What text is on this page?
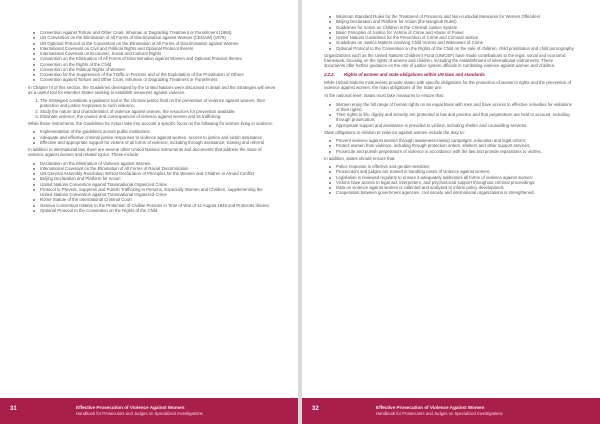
Convention Against Torture and Other Cruel, Inhuman or Degrading Treatment or Punishment (1984)
UN Convention on the Elimination of All Forms of Discrimination against Women (CEDAW) (1979)
UN Optional Protocol to the Convention on the Elimination of All Forms of Discrimination against Women
International Covenant on Civil and Political Rights and Optional Protocol thereto
International Covenant on Economic, Social and Cultural Rights
Convention on the Elimination of All Forms of Discrimination against Women and Optional Protocol thereto
Convention on the Rights of the Child
Convention on the Political Rights of Women
Convention for the Suppression of the Traffic in Persons and of the Exploitation of the Prostitution of Others
Convention against Torture and Other Cruel, Inhuman or Degrading Treatment or Punishment

In Chapter III of this section, the Guidelines developed by the United Nations were discussed in detail and the Strategies will serve as a useful tool for Member States seeking to establish measures against violence.

1. The Strategies constitute a guidance tool in the criminal justice field on the prevention of violence against women, their protection and justice responses to such violence;
2. Study the nature and characteristics of violence against women, the resources for prevention available;
3. Eliminate violence, the causes and consequences of violence against women and its trafficking.

While these instruments, the Guidelines for Action take into account a specific focus on the following for women living in violence:

Implementation of the guidelines across public institutions
Adequate and effective criminal justice responses to violence against women, access to justice and victim assistance
Effective and appropriate support for victims of all forms of violence, including through assistance, training and referral

In addition to international law, there are several other United Nations instruments and documents that address the issue of violence against women and related topics. These include:

Declaration on the Elimination of Violence against Women
International Covenant on the Elimination of All Forms of Racial Discrimination
UN General Assembly Resolution 48/104 Declaration of Principles for the Women and Children in Armed Conflict
Beijing Declaration and Platform for Action
United Nations Convention against Transnational Organized Crime
Protocol to Prevent, Suppress and Punish Trafficking in Persons, Especially Women and Children, supplementing the United Nations Convention against Transnational Organized Crime
Rome Statute of the International Criminal Court
Geneva Convention relative to the Protection of Civilian Persons in Time of War of 12 August 1949 and Protocols thereto
Optional Protocol to the Convention on the Rights of the Child
31	Effective Prosecution of Violence Against Women
Handbook for Prosecutors and Judges on Specialized Investigations
Minimum Standard Rules for the Treatment of Prisoners and Non-custodial Measures for Women Offenders
Beijing Declaration and Platform for Action (the Bangkok Rules)
Guidelines for Action on Children in the Criminal Justice System
Basic Principles of Justice for Victims of Crime and Abuse of Power
United Nations Guidelines for the Prevention of Crime and Criminal Justice
Guidelines on Justice Matters involving Child Victims and Witnesses of Crime
Optional Protocol to the Convention on the Rights of the Child on the sale of children, child prostitution and child pornography

Organizations such as the United Nations Children's Fund (UNICEF) have made contributions to the legal, social and economic framework, focusing on the rights of women and children, including the establishment of international instruments. These documents offer further guidance on the role of justice system officials in combating violence against women and children.

2.2.2. Rights of women and state obligations within UN laws and standards

While United Nations instruments provide states with specific obligations for the protection of women's rights and the prevention of violence against women, the main obligations of the State are:

At the national level, states must take measures to ensure that:

Women enjoy the full range of human rights on an equal basis with men and have access to effective remedies for violations of their rights;
Their rights to life, dignity and security are protected in law and practice and that perpetrators are held to account, including through prosecution;
Appropriate support and assistance is provided to victims, including shelter and counselling services.

State obligations in relation to violence against women include the duty to:

Prevent violence against women through awareness-raising campaigns, education and legal reform;
Protect women from violence, including through protection orders, shelters and other support services;
Prosecute and punish perpetrators of violence in accordance with the law and provide reparations to victims.

In addition, states should ensure that:

Police response is effective and gender-sensitive;
Prosecutors and judges are trained in handling cases of violence against women;
Legislation is reviewed regularly to ensure it adequately addresses all forms of violence against women;
Victims have access to legal aid, interpreters, and psychosocial support throughout criminal proceedings;
Data on violence against women is collected and analysed to inform policy development;
Cooperation between government agencies, civil society and international organizations is strengthened.
32	Effective Prosecution of Violence Against Women
Handbook for Prosecutors and Judges on Specialized Investigations
